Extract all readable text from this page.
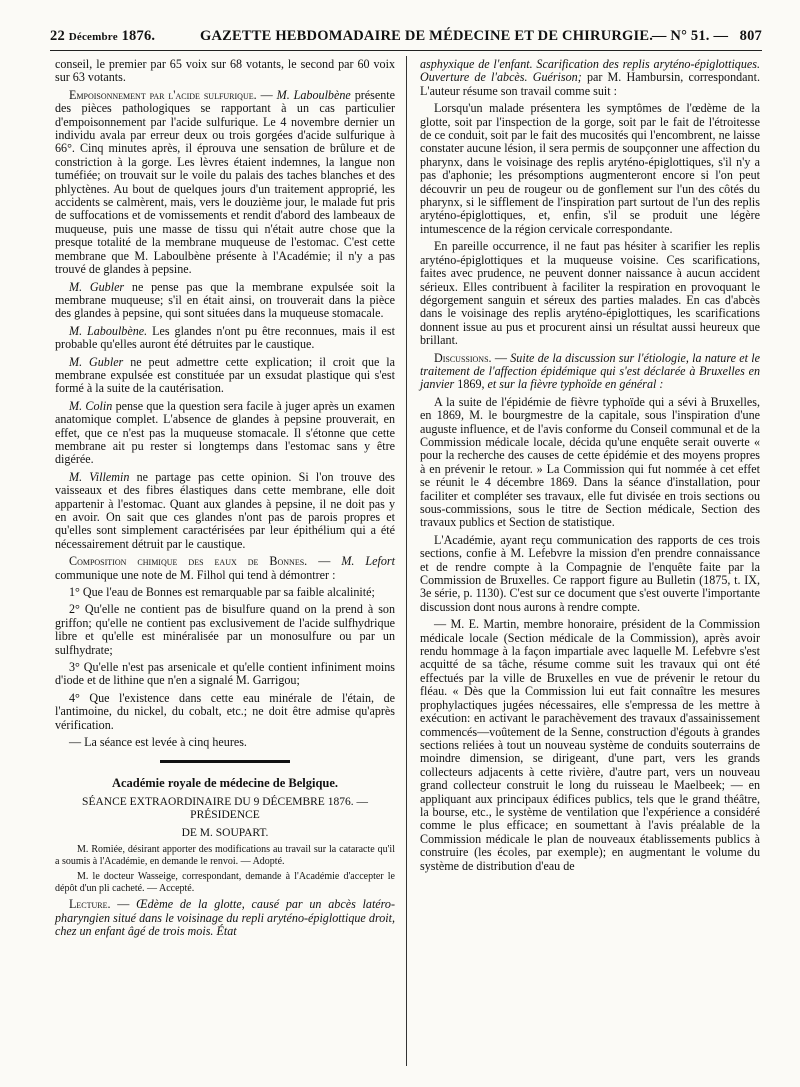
22 Décembre 1876.	GAZETTE HEBDOMADAIRE DE MÉDECINE ET DE CHIRURGIE.
— N° 51. — 807

conseil, le premier par 65 voix sur 68 votants, le second par 60 voix sur 63 votants.

Empoisonnement par l'acide sulfurique. — M. Laboulbène présente des pièces pathologiques se rapportant à un cas particulier d'empoisonnement par l'acide sulfurique. Le 4 novembre dernier un individu avala par erreur deux ou trois gorgées d'acide sulfurique à 66°. Cinq minutes après, il éprouva une sensation de brûlure et de constriction à la gorge. Les lèvres étaient indemnes, la langue non tuméfiée; on trouvait sur le voile du palais des taches blanches et des phlyctènes. Au bout de quelques jours d'un traitement approprié, les accidents se calmèrent, mais, vers le douzième jour, le malade fut pris de suffocations et de vomissements et rendit d'abord des lambeaux de muqueuse, puis une masse de tissu qui n'était autre chose que la presque totalité de la membrane muqueuse de l'estomac. C'est cette membrane que M. Laboulbène présente à l'Académie; il n'y a pas trouvé de glandes à pepsine.

M. Gubler ne pense pas que la membrane expulsée soit la membrane muqueuse; s'il en était ainsi, on trouverait dans la pièce des glandes à pepsine, qui sont situées dans la muqueuse stomacale.

M. Laboulbène. Les glandes n'ont pu être reconnues, mais il est probable qu'elles auront été détruites par le caustique.

M. Gubler ne peut admettre cette explication; il croit que la membrane expulsée est constituée par un exsudat plastique qui s'est formé à la suite de la cautérisation.

M. Colin pense que la question sera facile à juger après un examen anatomique complet. L'absence de glandes à pepsine prouverait, en effet, que ce n'est pas la muqueuse stomacale. Il s'étonne que cette membrane ait pu rester si longtemps dans l'estomac sans y être digérée.

M. Villemin ne partage pas cette opinion. Si l'on trouve des vaisseaux et des fibres élastiques dans cette membrane, elle doit appartenir à l'estomac. Quant aux glandes à pepsine, il ne doit pas y en avoir. On sait que ces glandes n'ont pas de parois propres et qu'elles sont simplement caractérisées par leur épithélium qui a été nécessairement détruit par le caustique.

Composition chimique des eaux de Bonnes. — M. Lefort communique une note de M. Filhol qui tend à démontrer :

1° Que l'eau de Bonnes est remarquable par sa faible alcalinité;

2° Qu'elle ne contient pas de bisulfure quand on la prend à son griffon; qu'elle ne contient pas exclusivement de l'acide sulfhydrique libre et qu'elle est minéralisée par un monosulfure ou par un sulfhydrate;

3° Qu'elle n'est pas arsenicale et qu'elle contient infiniment moins d'iode et de lithine que n'en a signalé M. Garrigou;

4° Que l'existence dans cette eau minérale de l'étain, de l'antimoine, du nickel, du cobalt, etc.; ne doit être admise qu'après vérification.

— La séance est levée à cinq heures.

Académie royale de médecine de Belgique.
SÉANCE EXTRAORDINAIRE DU 9 DÉCEMBRE 1876. — PRÉSIDENCE
DE M. SOUPART.

M. Romiée, désirant apporter des modifications au travail sur la cataracte qu'il a soumis à l'Académie, en demande le renvoi. — Adopté.

M. le docteur Wasseige, correspondant, demande à l'Académie d'accepter le dépôt d'un pli cacheté. — Accepté.

Lecture. — Œdème de la glotte, causé par un abcès latéro-pharyngien situé dans le voisinage du repli aryténo-épiglottique droit, chez un enfant âgé de trois mois. État

asphyxique de l'enfant. Scarification des replis aryténo-épiglottiques. Ouverture de l'abcès. Guérison; par M. Hambursin, correspondant. L'auteur résume son travail comme suit :

Lorsqu'un malade présentera les symptômes de l'œdème de la glotte, soit par l'inspection de la gorge, soit par le fait de l'étroitesse de ce conduit, soit par le fait des mucosités qui l'encombrent, ne laisse constater aucune lésion, il sera permis de soupçonner une affection du pharynx, dans le voisinage des replis aryténo-épiglottiques, s'il n'y a pas d'aphonie; les présomptions augmenteront encore si l'on peut découvrir un peu de rougeur ou de gonflement sur l'un des côtés du pharynx, si le sifflement de l'inspiration part surtout de l'un des replis aryténo-épiglottiques, et, enfin, s'il se produit une légère intumescence de la région cervicale correspondante.

En pareille occurrence, il ne faut pas hésiter à scarifier les replis aryténo-épiglottiques et la muqueuse voisine. Ces scarifications, faites avec prudence, ne peuvent donner naissance à aucun accident sérieux. Elles contribuent à faciliter la respiration en provoquant le dégorgement sanguin et séreux des parties malades. En cas d'abcès dans le voisinage des replis aryténo-épiglottiques, les scarifications donnent issue au pus et procurent ainsi un résultat aussi heureux que brillant.

Discussions. — Suite de la discussion sur l'étiologie, la nature et le traitement de l'affection épidémique qui s'est déclarée à Bruxelles en janvier 1869, et sur la fièvre typhoïde en général :

A la suite de l'épidémie de fièvre typhoïde qui a sévi à Bruxelles, en 1869, M. le bourgmestre de la capitale, sous l'inspiration d'une auguste influence, et de l'avis conforme du Conseil communal et de la Commission médicale locale, décida qu'une enquête serait ouverte « pour la recherche des causes de cette épidémie et des moyens propres à en prévenir le retour. » La Commission qui fut nommée à cet effet se réunit le 4 décembre 1869. Dans la séance d'installation, pour faciliter et compléter ses travaux, elle fut divisée en trois sections ou sous-commissions, sous le titre de Section médicale, Section des travaux publics et Section de statistique.

L'Académie, ayant reçu communication des rapports de ces trois sections, confie à M. Lefebvre la mission d'en prendre connaissance et de rendre compte à la Compagnie de l'enquête faite par la Commission de Bruxelles. Ce rapport figure au Bulletin (1875, t. IX, 3e série, p. 1130). C'est sur ce document que s'est ouverte l'importante discussion dont nous aurons à rendre compte.

— M. E. Martin, membre honoraire, président de la Commission médicale locale (Section médicale de la Commission), après avoir rendu hommage à la façon impartiale avec laquelle M. Lefebvre s'est acquitté de sa tâche, résume comme suit les travaux qui ont été effectués par la ville de Bruxelles en vue de prévenir le retour du fléau. « Dès que la Commission lui eut fait connaître les mesures prophylactiques jugées nécessaires, elle s'empressa de les mettre à exécution: en activant le parachèvement des travaux d'assainissement commencés—voûtement de la Senne, construction d'égouts à grandes sections reliées à tout un nouveau système de conduits souterrains de moindre dimension, se dirigeant, d'une part, vers les grands collecteurs adjacents à cette rivière, d'autre part, vers un nouveau grand collecteur construit le long du ruisseau le Maelbeek; — en appliquant aux principaux édifices publics, tels que le grand théâtre, la bourse, etc., le système de ventilation que l'expérience a considéré comme le plus efficace; en soumettant à l'avis préalable de la Commission médicale le plan de nouveaux établissements publics à construire (les écoles, par exemple); en augmentant le volume du système de distribution d'eau de
